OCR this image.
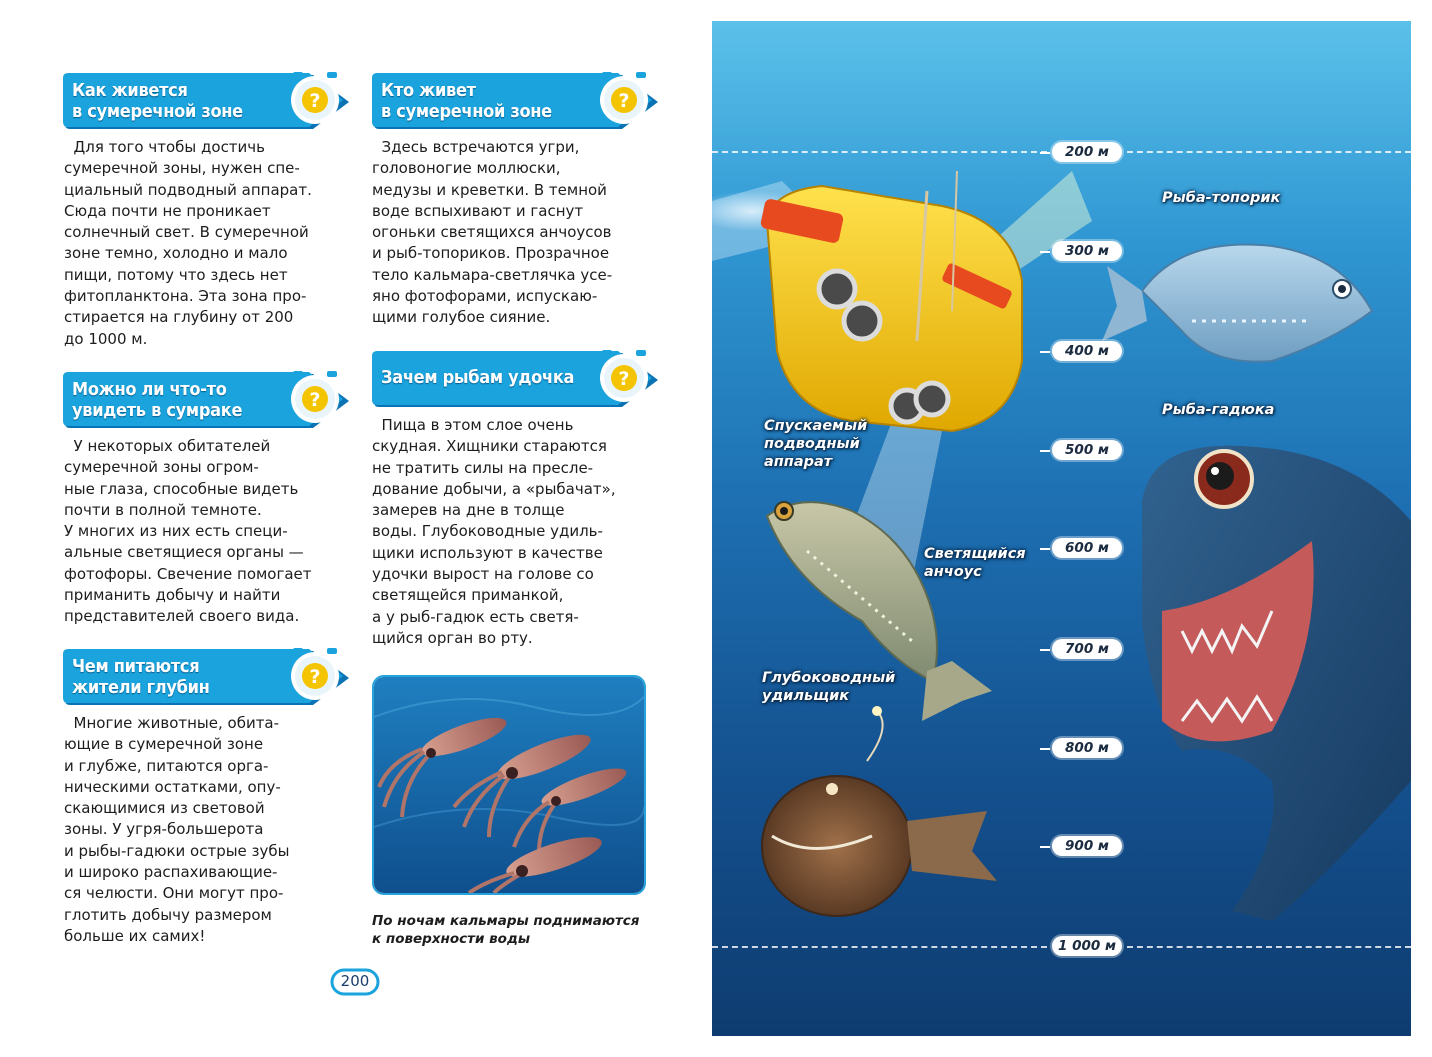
?
Как живется
в сумеречной зоне
Для того чтобы достичь
сумеречной зоны, нужен спе-
циальный подводный аппарат.
Сюда почти не проникает
солнечный свет. В сумеречной
зоне темно, холодно и мало
пищи, потому что здесь нет
фитопланктона. Эта зона про-
стирается на глубину от 200
до 1000 м.
?
Можно ли что-то
увидеть в сумраке
У некоторых обитателей
сумеречной зоны огром-
ные глаза, способные видеть
почти в полной темноте.
У многих из них есть специ-
альные светящиеся органы —
фотофоры. Свечение помогает
приманить добычу и найти
представителей своего вида.
?
Чем питаются
жители глубин
Многие животные, обита-
ющие в сумеречной зоне
и глубже, питаются орга-
ническими остатками, опу-
скающимися из световой
зоны. У угря-большерота
и рыбы-гадюки острые зубы
и широко распахивающие-
ся челюсти. Они могут про-
глотить добычу размером
больше их самих!
?
Кто живет
в сумеречной зоне
Здесь встречаются угри,
головоногие моллюски,
медузы и креветки. В темной
воде вспыхивают и гаснут
огоньки светящихся анчоусов
и рыб-топориков. Прозрачное
тело кальмара-светлячка усе-
яно фотофорами, испускаю-
щими голубое сияние.
?
Зачем рыбам удочка
Пища в этом слое очень
скудная. Хищники стараются
не тратить силы на пресле-
дование добычи, а «рыбачат»,
замерев на дне в толще
воды. Глубоководные удиль-
щики используют в качестве
удочки вырост на голове со
светящейся приманкой,
а у рыб-гадюк есть светя-
щийся орган во рту.
По ночам кальмары поднимаются
к поверхности воды
200
200 м
300 м
400 м
500 м
600 м
700 м
800 м
900 м
1 000 м
Рыба-топорик
Рыба-гадюка
Спускаемый
подводный
аппарат
Светящийся
анчоус
Глубоководный
удильщик
